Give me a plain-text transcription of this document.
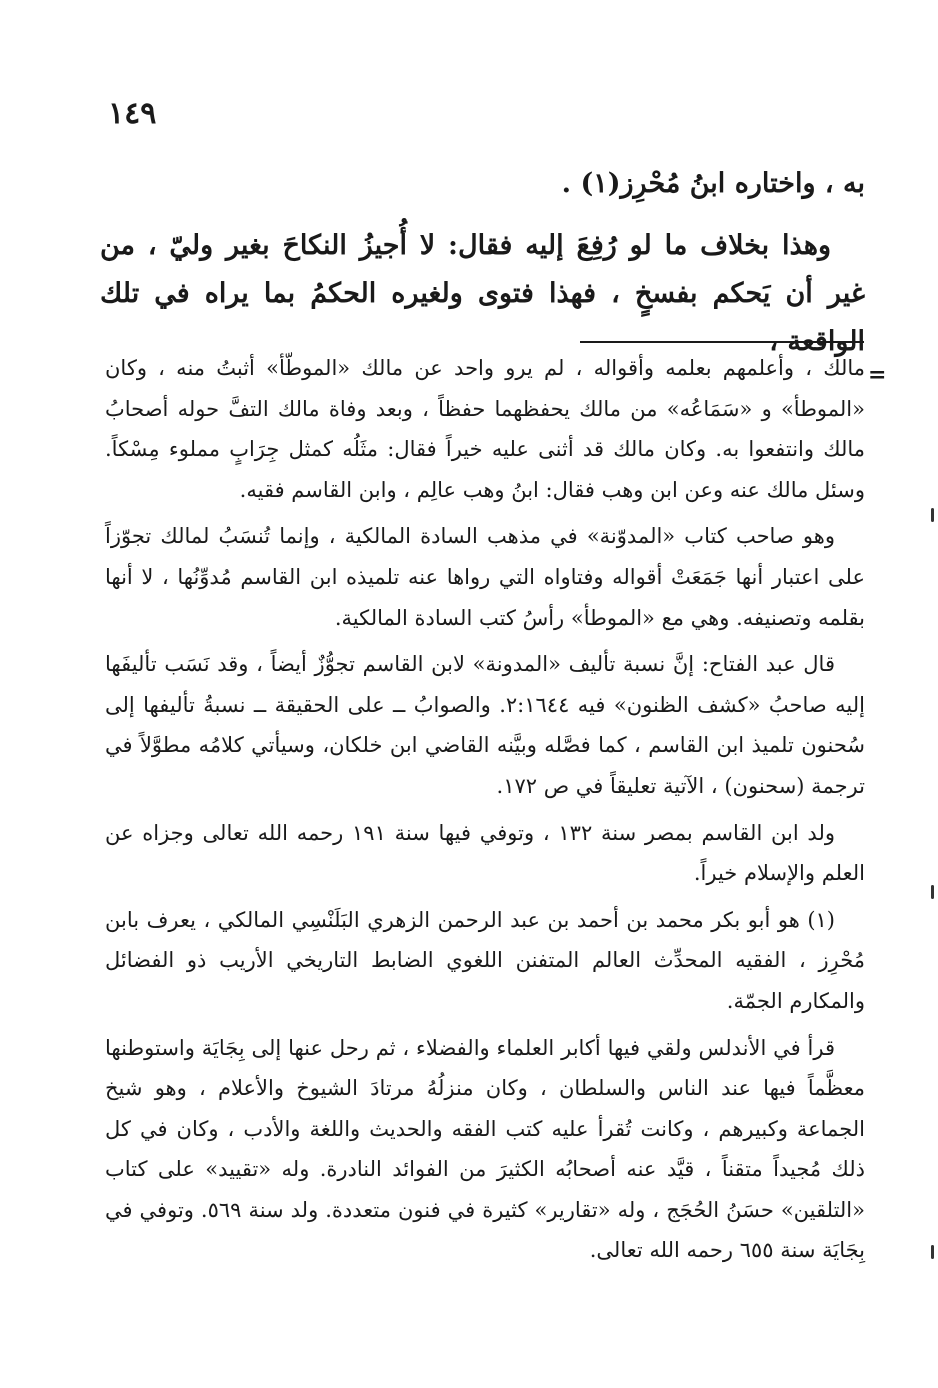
١٤٩

به ، واختاره ابنُ مُحْرِز(١) .

وهذا بخلاف ما لو رُفِعَ إليه فقال: لا أُجيزُ النكاحَ بغير وليّ ، من غير أن يَحكم بفسخٍ ، فهذا فتوى ولغيره الحكمُ بما يراه في تلك الواقعة ،

=

مالك ، وأعلمهم بعلمه وأقواله ، لم يرو واحد عن مالك «الموطّأ» أثبتُ منه ، وكان «الموطأ» و «سَمَاعُه» من مالك يحفظهما حفظاً ، وبعد وفاة مالك التفَّ حوله أصحابُ مالك وانتفعوا به. وكان مالك قد أثنى عليه خيراً فقال: مثَلُه كمثل جِرَابٍ مملوء مِسْكاً. وسئل مالك عنه وعن ابن وهب فقال: ابنُ وهب عالِم ، وابن القاسم فقيه.

وهو صاحب كتاب «المدوّنة» في مذهب السادة المالكية ، وإنما تُنسَبُ لمالك تجوّزاً على اعتبار أنها جَمَعَتْ أقواله وفتاواه التي رواها عنه تلميذه ابن القاسم مُدوِّنُها ، لا أنها بقلمه وتصنيفه. وهي مع «الموطأ» رأسُ كتب السادة المالكية.

قال عبد الفتاح: إنَّ نسبة تأليف «المدونة» لابن القاسم تجوُّزٌ أيضاً ، وقد نَسَب تأليفَها إليه صاحبُ «كشف الظنون» فيه ٢:١٦٤٤. والصوابُ ــ على الحقيقة ــ نسبةُ تأليفها إلى سُحنون تلميذ ابن القاسم ، كما فصَّله وبيَّنه القاضي ابن خلكان، وسيأتي كلامُه مطوَّلاً في ترجمة (سحنون) ، الآتية تعليقاً في ص ١٧٢.

ولد ابن القاسم بمصر سنة ١٣٢ ، وتوفي فيها سنة ١٩١ رحمه الله تعالى وجزاه عن العلم والإسلام خيراً.

(١) هو أبو بكر محمد بن أحمد بن عبد الرحمن الزهري البَلَنْسِي المالكي ، يعرف بابن مُحْرِز ، الفقيه المحدِّث العالم المتفنن اللغوي الضابط التاريخي الأريب ذو الفضائل والمكارم الجمّة.

قرأ في الأندلس ولقي فيها أكابر العلماء والفضلاء ، ثم رحل عنها إلى بِجَايَة واستوطنها معظَّماً فيها عند الناس والسلطان ، وكان منزلُهُ مرتادَ الشيوخ والأعلام ، وهو شيخ الجماعة وكبيرهم ، وكانت تُقرأ عليه كتب الفقه والحديث واللغة والأدب ، وكان في كل ذلك مُجيداً متقناً ، قيَّد عنه أصحابُه الكثيرَ من الفوائد النادرة. وله «تقييد» على كتاب «التلقين» حسَنُ الحُجَج ، وله «تقارير» كثيرة في فنون متعددة. ولد سنة ٥٦٩. وتوفي في بِجَايَة سنة ٦٥٥ رحمه الله تعالى.
